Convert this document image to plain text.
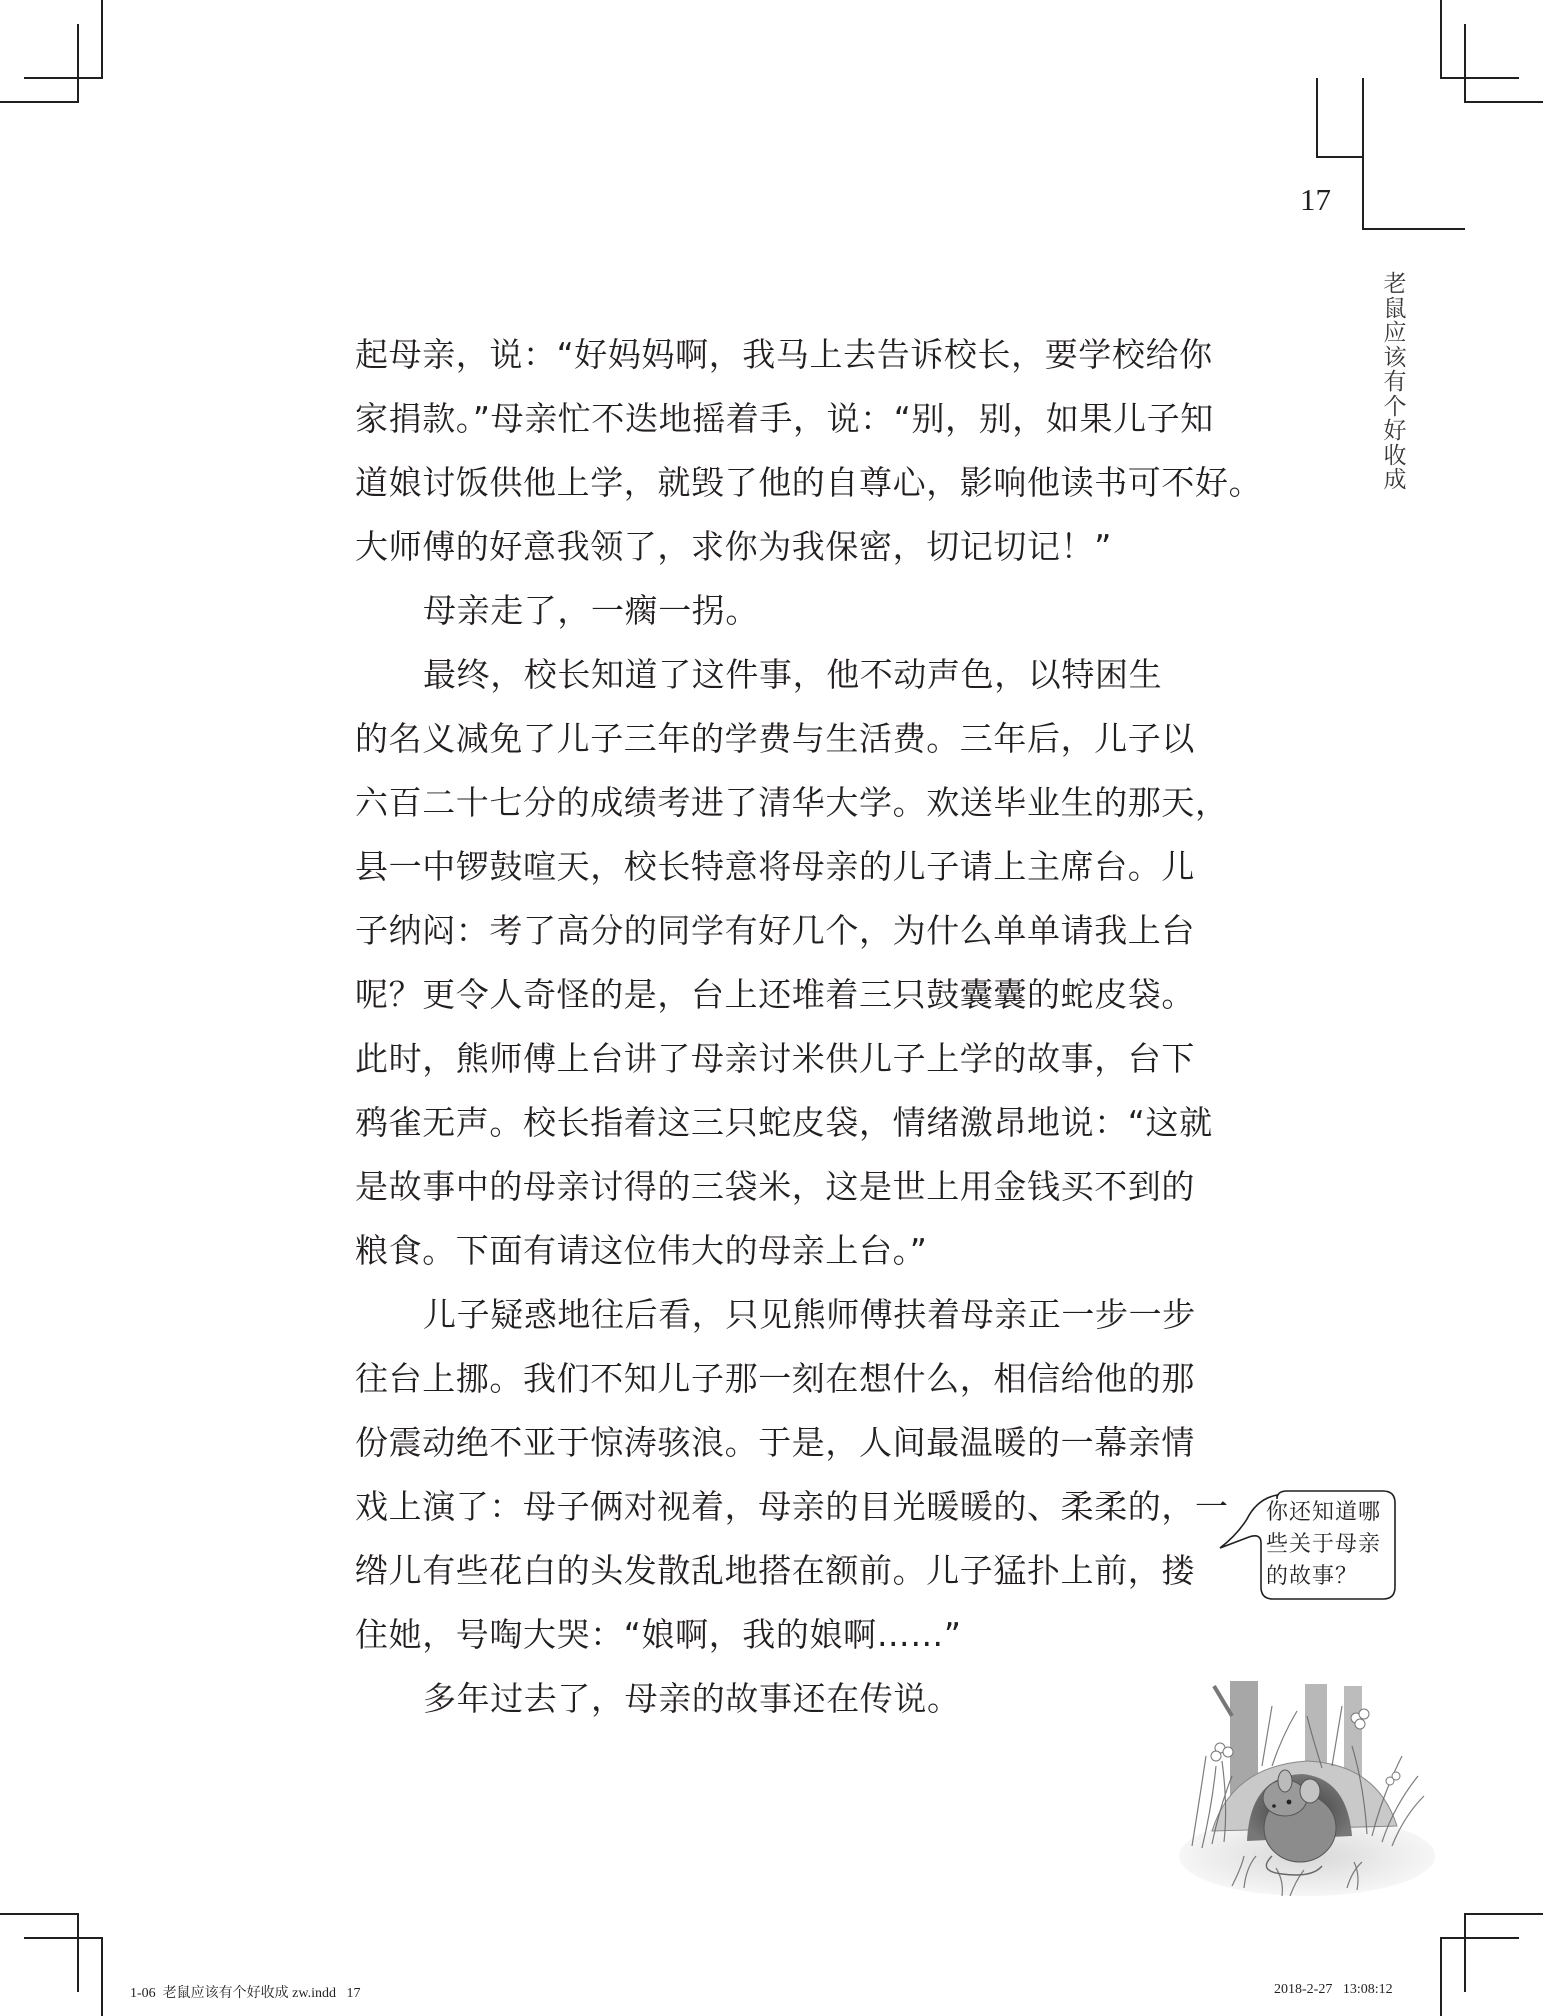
17
老鼠应该有个好收成
起母亲，说：“好妈妈啊，我马上去告诉校长，要学校给你
家捐款。”母亲忙不迭地摇着手，说：“别，别，如果儿子知
道娘讨饭供他上学，就毁了他的自尊心，影响他读书可不好。
大师傅的好意我领了，求你为我保密，切记切记！”
母亲走了，一瘸一拐。
最终，校长知道了这件事，他不动声色，以特困生
的名义减免了儿子三年的学费与生活费。三年后，儿子以
六百二十七分的成绩考进了清华大学。欢送毕业生的那天，
县一中锣鼓喧天，校长特意将母亲的儿子请上主席台。儿
子纳闷：考了高分的同学有好几个，为什么单单请我上台
呢？更令人奇怪的是，台上还堆着三只鼓囊囊的蛇皮袋。
此时，熊师傅上台讲了母亲讨米供儿子上学的故事，台下
鸦雀无声。校长指着这三只蛇皮袋，情绪激昂地说：“这就
是故事中的母亲讨得的三袋米，这是世上用金钱买不到的
粮食。下面有请这位伟大的母亲上台。”
儿子疑惑地往后看，只见熊师傅扶着母亲正一步一步
往台上挪。我们不知儿子那一刻在想什么，相信给他的那
份震动绝不亚于惊涛骇浪。于是，人间最温暖的一幕亲情
戏上演了：母子俩对视着，母亲的目光暖暖的、柔柔的，一
绺儿有些花白的头发散乱地搭在额前。儿子猛扑上前，搂
住她，号啕大哭：“娘啊，我的娘啊……”
多年过去了，母亲的故事还在传说。
你还知道哪
些关于母亲
的故事？
1-06  老鼠应该有个好收成 zw.indd   17	2018-2-27   13:08:12
